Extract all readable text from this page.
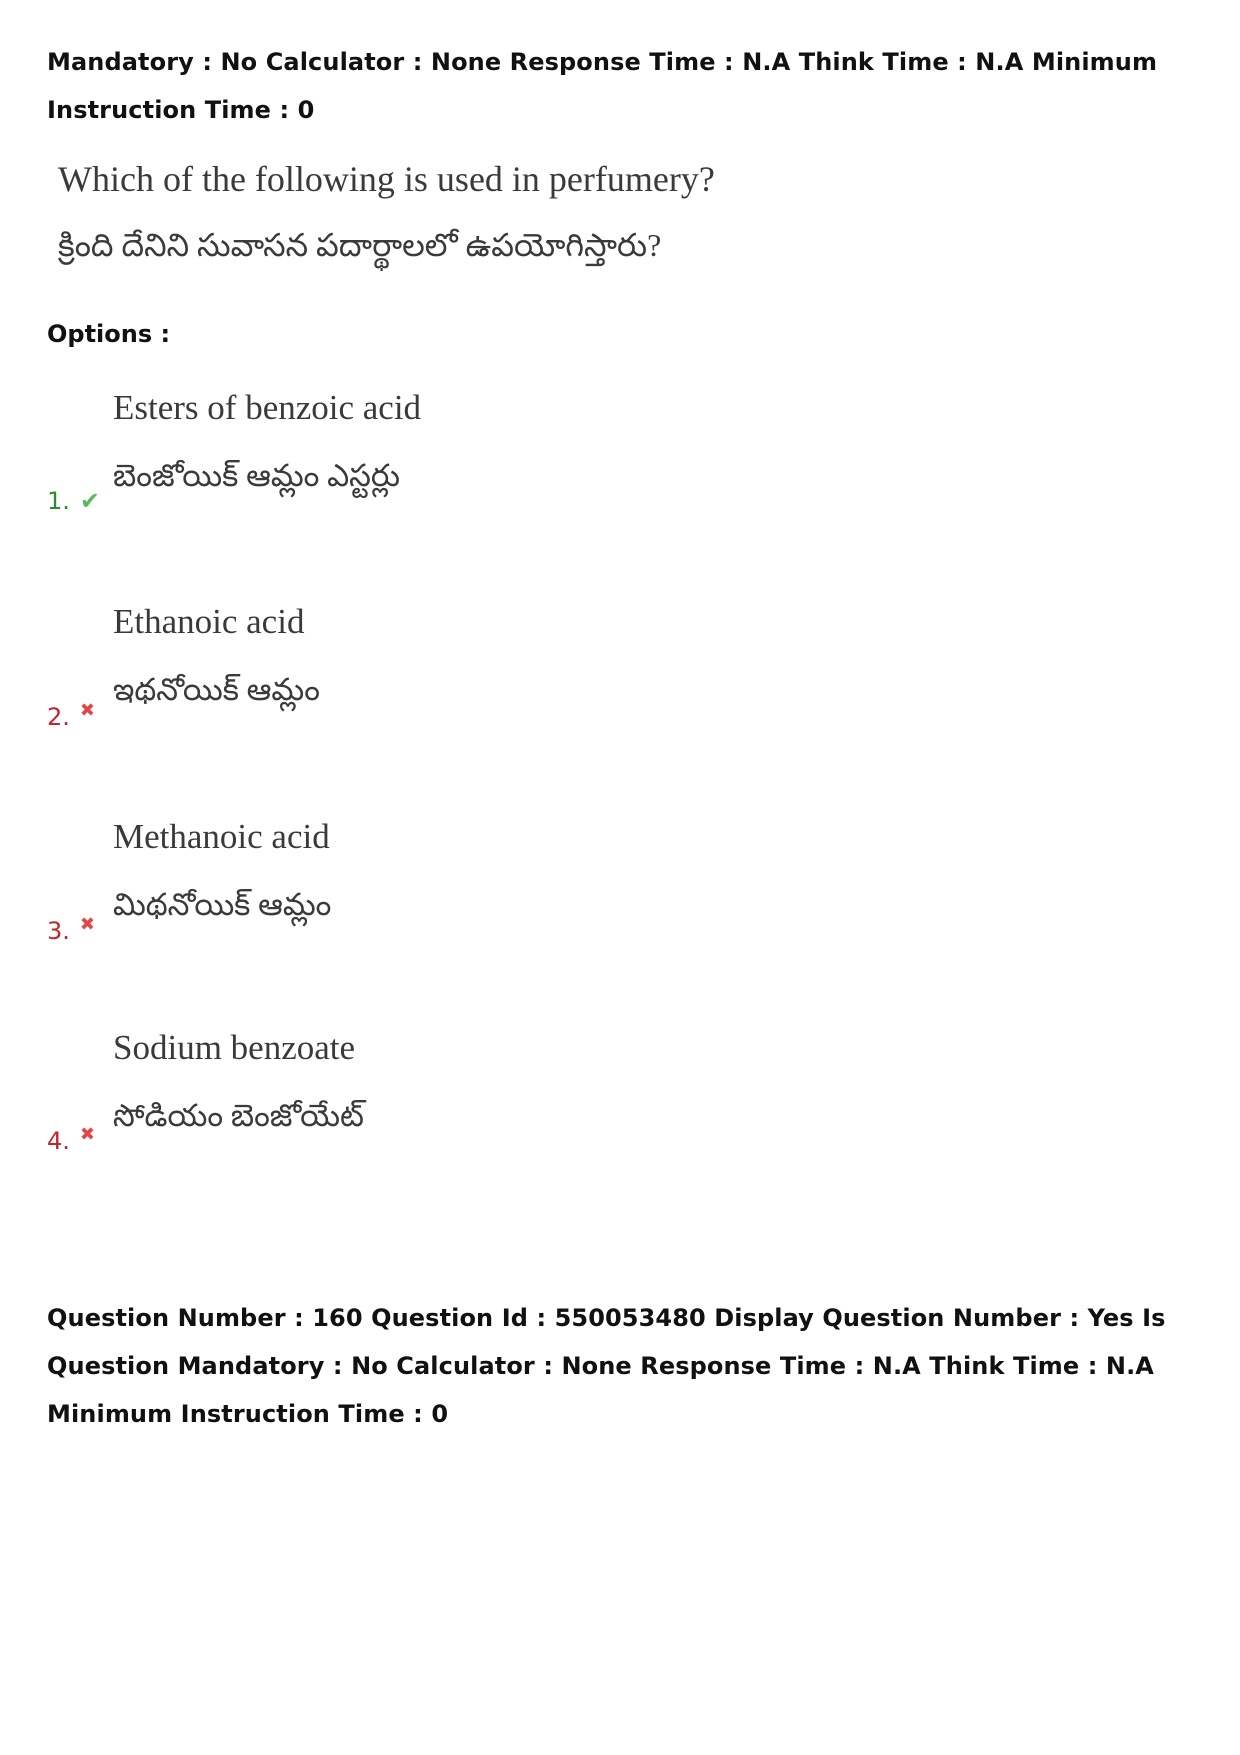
Mandatory : No Calculator : None Response Time : N.A Think Time : N.A Minimum Instruction Time : 0

Which of the following is used in perfumery?

క్రింది దేనిని సువాసన పదార్థాలలో ఉపయోగిస్తారు?

Options :

Esters of benzoic acid

బెంజోయిక్ ఆమ్లం ఎస్టర్లు

1. ✔

Ethanoic acid

ఇథనోయిక్ ఆమ్లం

2. ✖

Methanoic acid

మిథనోయిక్ ఆమ్లం

3. ✖

Sodium benzoate

సోడియం బెంజోయేట్

4. ✖

Question Number : 160 Question Id : 550053480 Display Question Number : Yes Is Question Mandatory : No Calculator : None Response Time : N.A Think Time : N.A Minimum Instruction Time : 0
